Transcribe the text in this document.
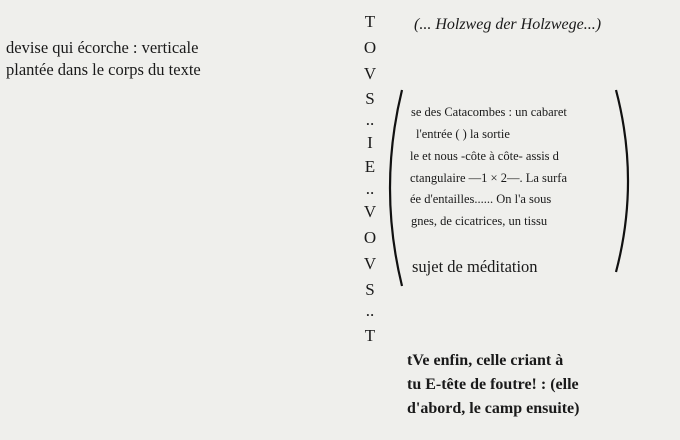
devise qui écorche : verticale
plantée dans le corps du texte
(... Holzweg der Holzwege...)
T
O
V
S
..
I
E
..
V
O
V
S
..
T
se des Catacombes : un cabaret
l'entrée ( ) la sortie
le et nous -côte à côte- assis d
ctangulaire —1 × 2—. La surfa
ée d'entailles...... On l'a sous
gnes, de cicatrices, un tissu
sujet de méditation
tVe enfin, celle criant à
tu E-tête de foutre! : (elle
d'abord, le camp ensuite)
